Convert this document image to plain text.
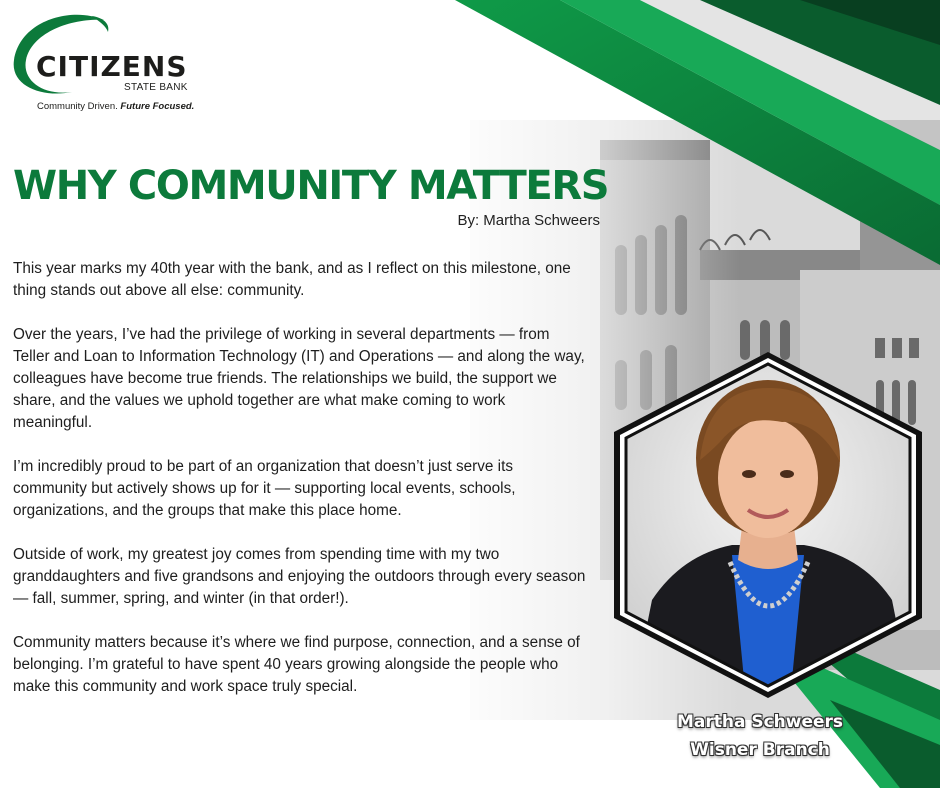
CITIZENS

STATE BANK

Community Driven. Future Focused.

WHY COMMUNITY MATTERS

By: Martha Schweers

This year marks my 40th year with the bank, and as I reflect on this milestone, one thing stands out above all else: community.

Over the years, I’ve had the privilege of working in several departments — from Teller and Loan to Information Technology (IT) and Operations — and along the way, colleagues have become true friends. The relationships we build, the support we share, and the values we uphold together are what make coming to work meaningful.

I’m incredibly proud to be part of an organization that doesn’t just serve its community but actively shows up for it — supporting local events, schools, organizations, and the groups that make this place home.

Outside of work, my greatest joy comes from spending time with my two granddaughters and five grandsons and enjoying the outdoors through every season — fall, summer, spring, and winter (in that order!).

Community matters because it’s where we find purpose, connection, and a sense of belonging. I’m grateful to have spent 40 years growing alongside the people who make this community and work space truly special.

Martha Schweers
Wisner Branch
